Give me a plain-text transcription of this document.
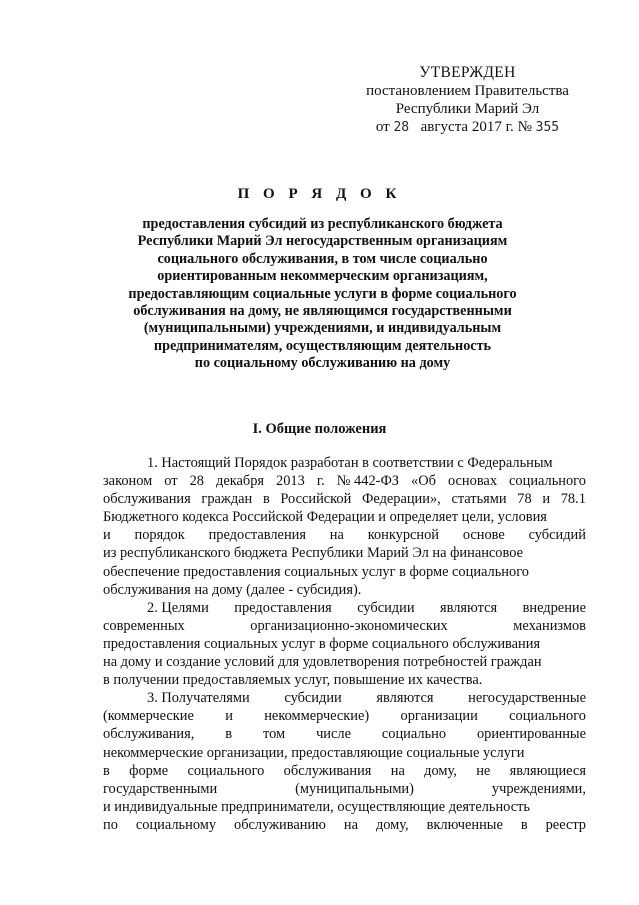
УТВЕРЖДЕН
постановлением Правительства
Республики Марий Эл
от 28 августа 2017 г. № 355
П О Р Я Д О К
предоставления субсидий из республиканского бюджета
Республики Марий Эл негосударственным организациям
социального обслуживания, в том числе социально
ориентированным некоммерческим организациям,
предоставляющим социальные услуги в форме социального
обслуживания на дому, не являющимся государственными
(муниципальными) учреждениями, и индивидуальным
предпринимателям, осуществляющим деятельность
по социальному обслуживанию на дому
I. Общие положения
1. Настоящий Порядок разработан в соответствии с Федеральным
законом от 28 декабря 2013 г. № 442-ФЗ «Об основах социального
обслуживания граждан в Российской Федерации», статьями 78 и 78.1
Бюджетного кодекса Российской Федерации и определяет цели, условия
и порядок предоставления на конкурсной основе субсидий
из республиканского бюджета Республики Марий Эл на финансовое
обеспечение предоставления социальных услуг в форме социального
обслуживания на дому (далее - субсидия).
2. Целями предоставления субсидии являются внедрение
современных	организационно-экономических	механизмов
предоставления социальных услуг в форме социального обслуживания
на дому и создание условий для удовлетворения потребностей граждан
в получении предоставляемых услуг, повышение их качества.
3. Получателями субсидии являются негосударственные
(коммерческие и некоммерческие) организации социального
обслуживания, в том числе социально ориентированные
некоммерческие организации, предоставляющие социальные услуги
в форме социального обслуживания на дому, не являющиеся
государственными	(муниципальными)	учреждениями,
и индивидуальные предприниматели, осуществляющие деятельность
по социальному обслуживанию на дому, включенные в реестр
